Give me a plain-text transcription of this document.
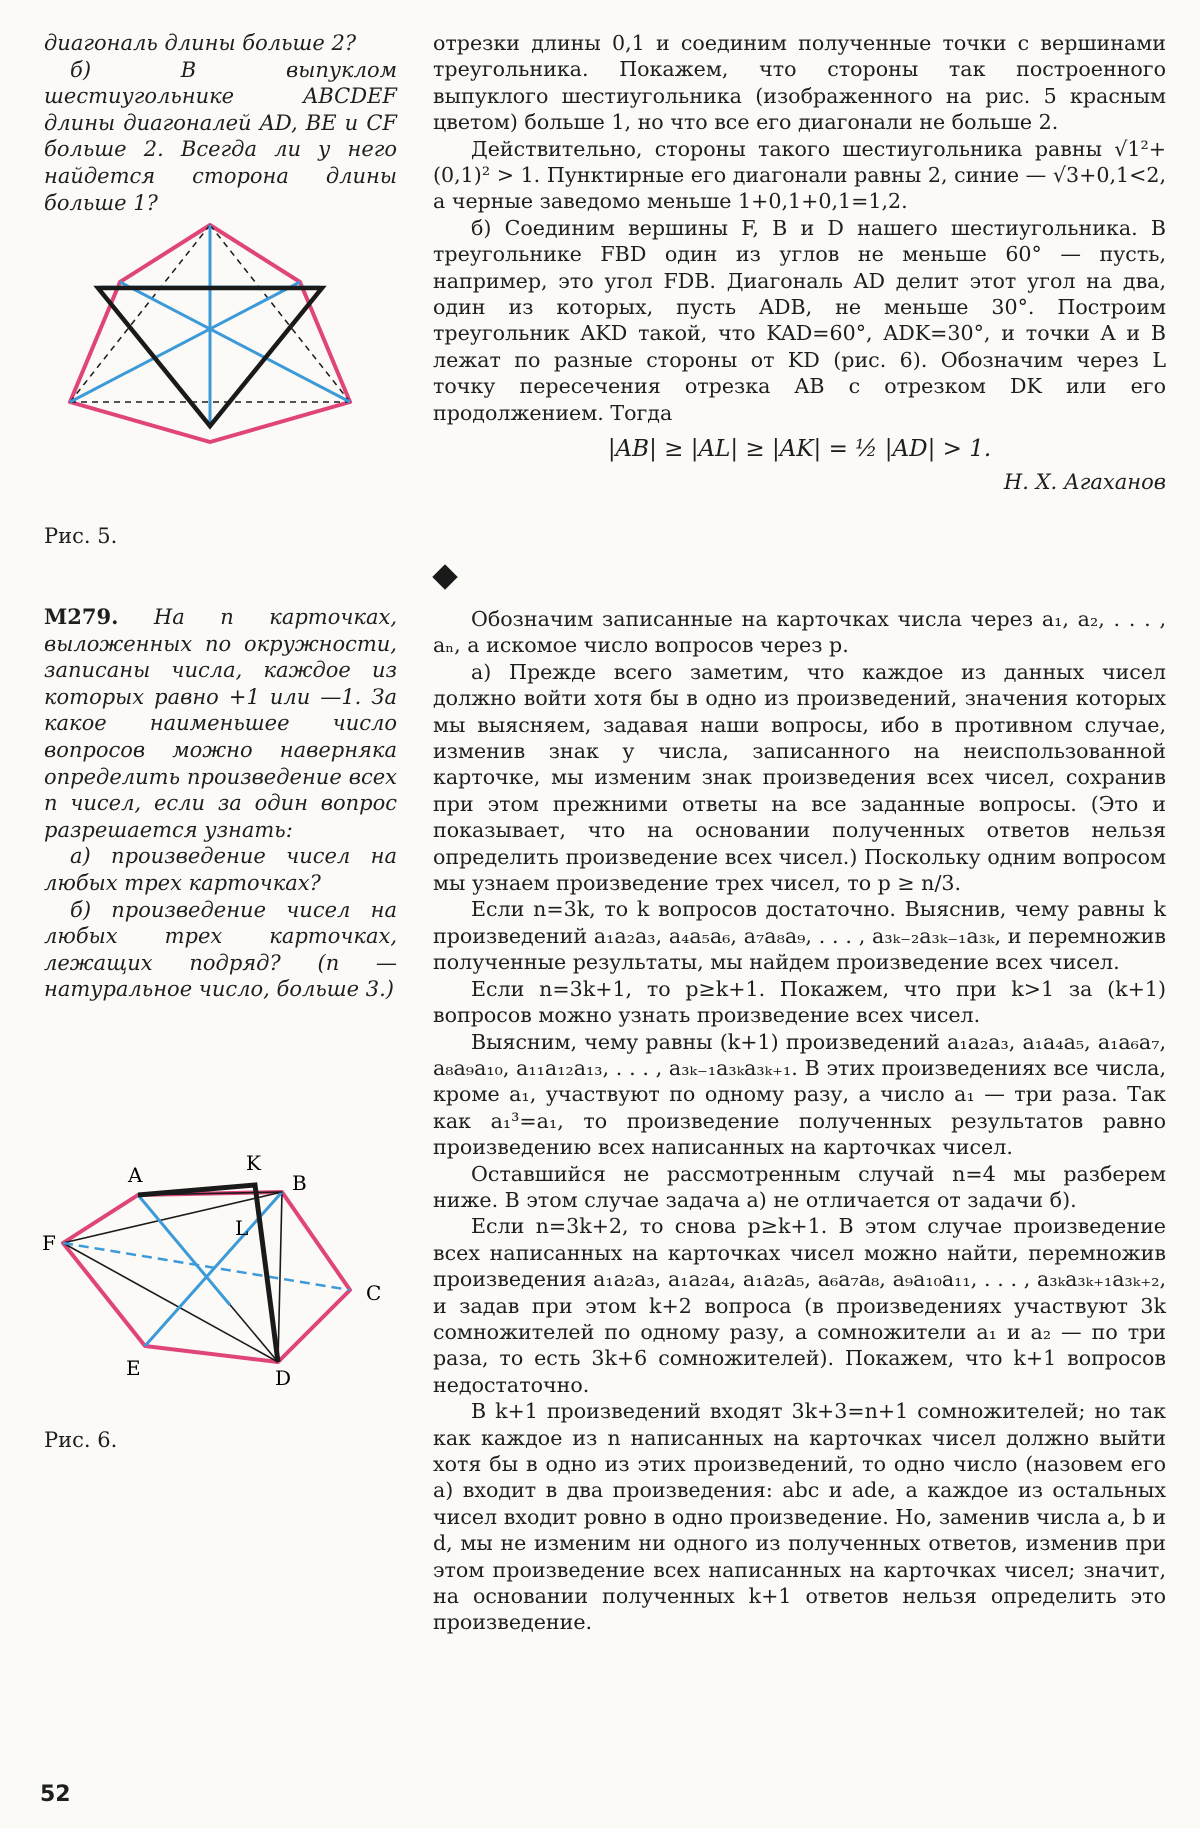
диагональ длины больше 2?

б) В выпуклом шестиугольнике ABCDEF длины диагоналей AD, BE и CF больше 2. Всегда ли у него найдется сторона длины больше 1?

Рис. 5.

М279. На n карточках, выложенных по окружности, записаны числа, каждое из которых равно +1 или —1. За какое наименьшее число вопросов можно наверняка определить произведение всех n чисел, если за один вопрос разрешается узнать:

а) произведение чисел на любых трех карточках?

б) произведение чисел на любых трех карточках, лежащих подряд? (n — натуральное число, больше 3.)

A	K
B
L
F
C
E	D
Рис. 6.

отрезки длины 0,1 и соединим полученные точки с вершинами треугольника. Покажем, что стороны так построенного выпуклого шестиугольника (изображенного на рис. 5 красным цветом) больше 1, но что все его диагонали не больше 2.

Действительно, стороны такого шестиугольника равны √1²+(0,1)² > 1. Пунктирные его диагонали равны 2, синие — √3+0,1<2, а черные заведомо меньше 1+0,1+0,1=1,2.

б) Соединим вершины F, B и D нашего шестиугольника. В треугольнике FBD один из углов не меньше 60° — пусть, например, это угол FDB. Диагональ AD делит этот угол на два, один из которых, пусть ADB, не меньше 30°. Построим треугольник AKD такой, что KAD=60°, ADK=30°, и точки A и B лежат по разные стороны от KD (рис. 6). Обозначим через L точку пересечения отрезка AB с отрезком DK или его продолжением. Тогда

|AB| ≥ |AL| ≥ |AK| = ½ |AD| > 1.

Н. Х. Агаханов

Обозначим записанные на карточках числа через a₁, a₂, . . . , aₙ, а искомое число вопросов через p.

а) Прежде всего заметим, что каждое из данных чисел должно войти хотя бы в одно из произведений, значения которых мы выясняем, задавая наши вопросы, ибо в противном случае, изменив знак у числа, записанного на неиспользованной карточке, мы изменим знак произведения всех чисел, сохранив при этом прежними ответы на все заданные вопросы. (Это и показывает, что на основании полученных ответов нельзя определить произведение всех чисел.) Поскольку одним вопросом мы узнаем произведение трех чисел, то p ≥ n/3.

Если n=3k, то k вопросов достаточно. Выяснив, чему равны k произведений a₁a₂a₃, a₄a₅a₆, a₇a₈a₉, . . . , a₃ₖ₋₂a₃ₖ₋₁a₃ₖ, и перемножив полученные результаты, мы найдем произведение всех чисел.

Если n=3k+1, то p≥k+1. Покажем, что при k>1 за (k+1) вопросов можно узнать произведение всех чисел.

Выясним, чему равны (k+1) произведений a₁a₂a₃, a₁a₄a₅, a₁a₆a₇, a₈a₉a₁₀, a₁₁a₁₂a₁₃, . . . , a₃ₖ₋₁a₃ₖa₃ₖ₊₁. В этих произведениях все числа, кроме a₁, участвуют по одному разу, а число a₁ — три раза. Так как a₁³=a₁, то произведение полученных результатов равно произведению всех написанных на карточках чисел.

Оставшийся не рассмотренным случай n=4 мы разберем ниже. В этом случае задача а) не отличается от задачи б).

Если n=3k+2, то снова p≥k+1. В этом случае произведение всех написанных на карточках чисел можно найти, перемножив произведения a₁a₂a₃, a₁a₂a₄, a₁a₂a₅, a₆a₇a₈, a₉a₁₀a₁₁, . . . , a₃ₖa₃ₖ₊₁a₃ₖ₊₂, и задав при этом k+2 вопроса (в произведениях участвуют 3k сомножителей по одному разу, а сомножители a₁ и a₂ — по три раза, то есть 3k+6 сомножителей). Покажем, что k+1 вопросов недостаточно.

В k+1 произведений входят 3k+3=n+1 сомножителей; но так как каждое из n написанных на карточках чисел должно выйти хотя бы в одно из этих произведений, то одно число (назовем его a) входит в два произведения: abc и ade, а каждое из остальных чисел входит ровно в одно произведение. Но, заменив числа a, b и d, мы не изменим ни одного из полученных ответов, изменив при этом произведение всех написанных на карточках чисел; значит, на основании полученных k+1 ответов нельзя определить это произведение.

52
